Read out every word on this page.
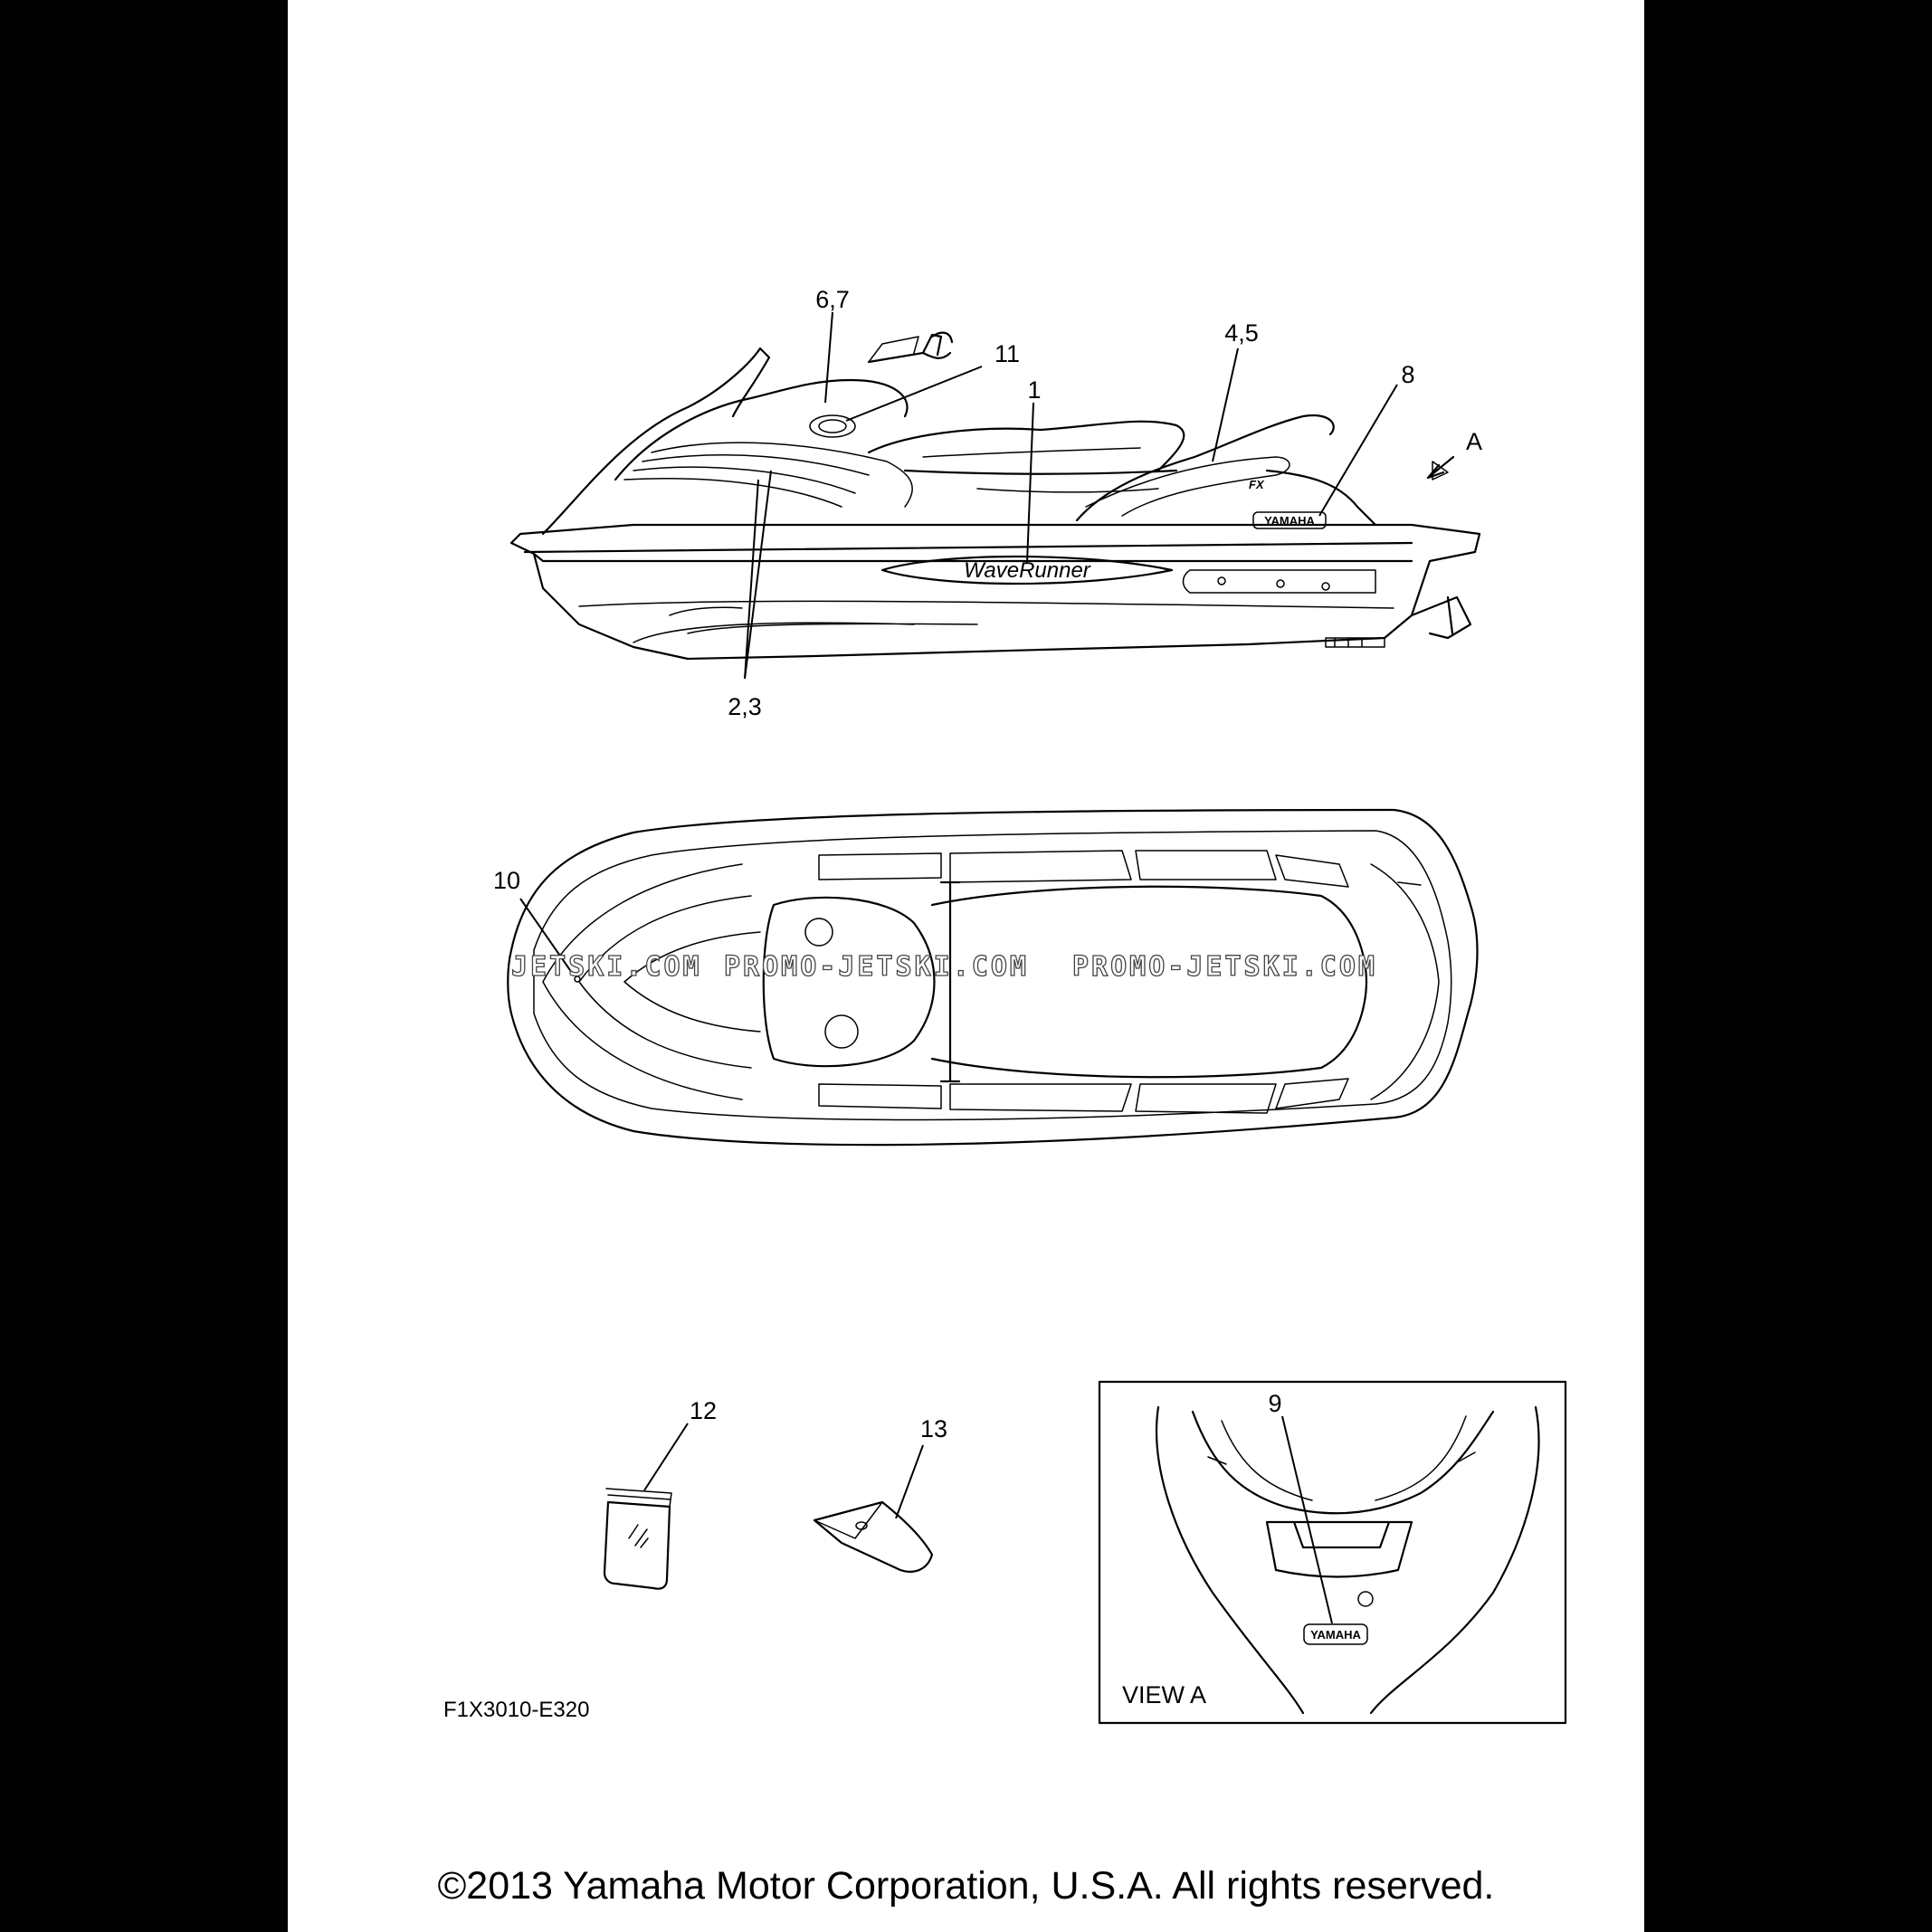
WaveRunner
YAMAHA
FX
6,7
11
1
4,5
8
A
2,3
10
JETSKI.COM PROMO-JETSKI.COM PROMO-JETSKI.COM
12
13
YAMAHA
9
VIEW A
F1X3010-E320
©2013 Yamaha Motor Corporation, U.S.A. All rights reserved.
